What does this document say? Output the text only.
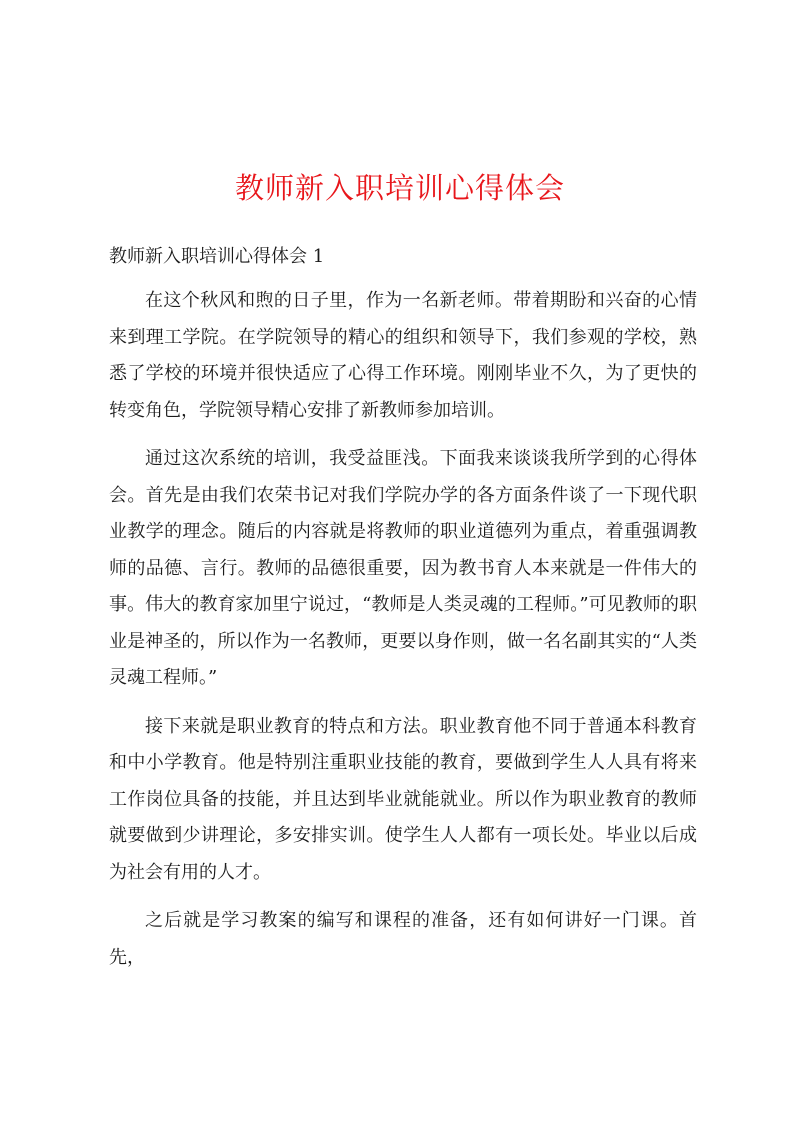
教师新入职培训心得体会

教师新入职培训心得体会 1

在这个秋风和煦的日子里，作为一名新老师。带着期盼和兴奋的心情来到理工学院。在学院领导的精心的组织和领导下，我们参观的学校，熟悉了学校的环境并很快适应了心得工作环境。刚刚毕业不久，为了更快的转变角色，学院领导精心安排了新教师参加培训。

通过这次系统的培训，我受益匪浅。下面我来谈谈我所学到的心得体会。首先是由我们农荣书记对我们学院办学的各方面条件谈了一下现代职业教学的理念。随后的内容就是将教师的职业道德列为重点，着重强调教师的品德、言行。教师的品德很重要，因为教书育人本来就是一件伟大的事。伟大的教育家加里宁说过，“教师是人类灵魂的工程师。”可见教师的职业是神圣的，所以作为一名教师，更要以身作则，做一名名副其实的“人类灵魂工程师。”

接下来就是职业教育的特点和方法。职业教育他不同于普通本科教育和中小学教育。他是特别注重职业技能的教育，要做到学生人人具有将来工作岗位具备的技能，并且达到毕业就能就业。所以作为职业教育的教师就要做到少讲理论，多安排实训。使学生人人都有一项长处。毕业以后成为社会有用的人才。

之后就是学习教案的编写和课程的准备，还有如何讲好一门课。首先，
